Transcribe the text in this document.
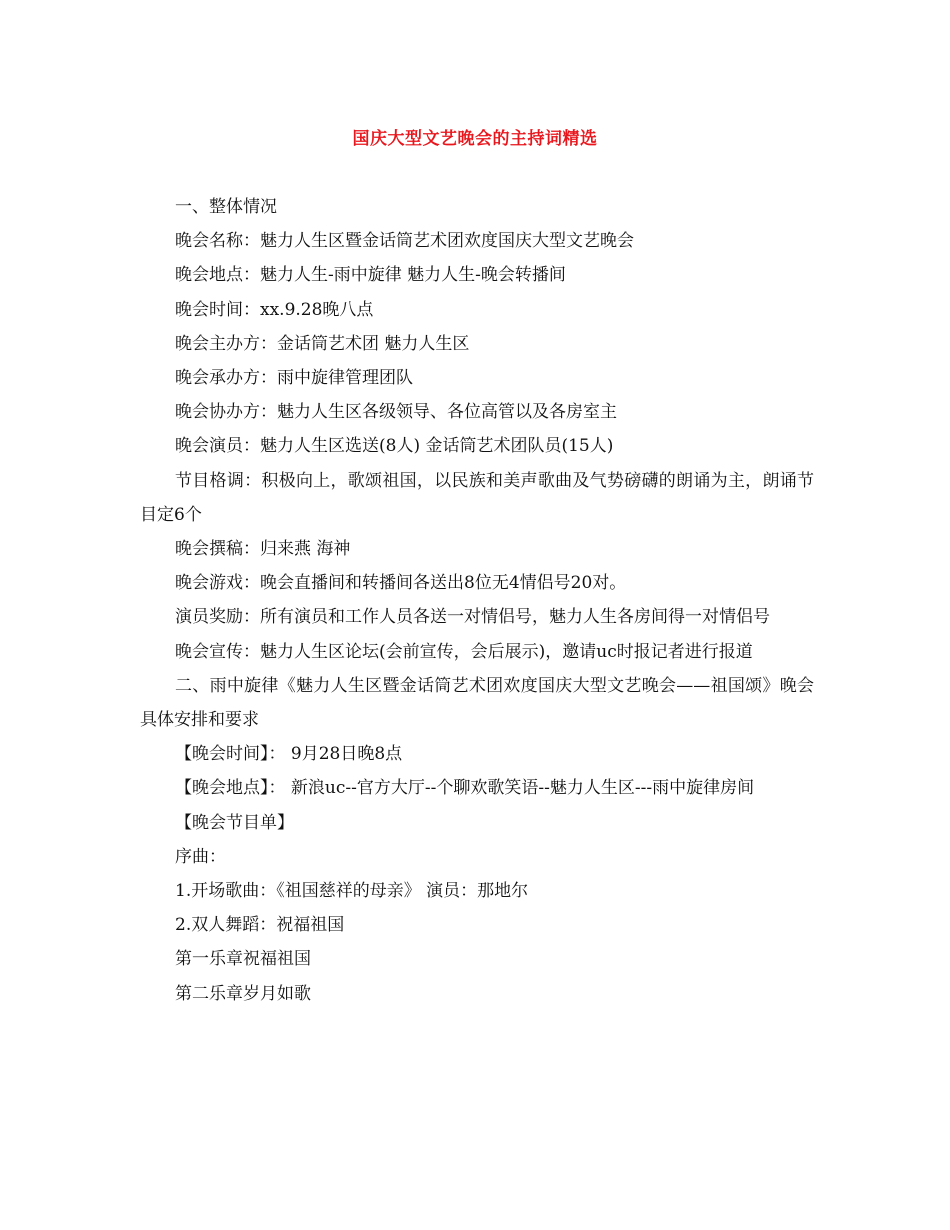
国庆大型文艺晚会的主持词精选

一、整体情况

晚会名称：魅力人生区暨金话筒艺术团欢度国庆大型文艺晚会

晚会地点：魅力人生-雨中旋律 魅力人生-晚会转播间

晚会时间：xx.9.28晚八点

晚会主办方：金话筒艺术团 魅力人生区

晚会承办方：雨中旋律管理团队

晚会协办方：魅力人生区各级领导、各位高管以及各房室主

晚会演员：魅力人生区选送(8人) 金话筒艺术团队员(15人)

节目格调：积极向上，歌颂祖国，以民族和美声歌曲及气势磅礴的朗诵为主，朗诵节目定6个

晚会撰稿：归来燕 海神

晚会游戏：晚会直播间和转播间各送出8位无4情侣号20对。

演员奖励：所有演员和工作人员各送一对情侣号，魅力人生各房间得一对情侣号

晚会宣传：魅力人生区论坛(会前宣传，会后展示)，邀请uc时报记者进行报道

二、雨中旋律《魅力人生区暨金话筒艺术团欢度国庆大型文艺晚会——祖国颂》晚会具体安排和要求

【晚会时间】： 9月28日晚8点

【晚会地点】： 新浪uc--官方大厅--个聊欢歌笑语--魅力人生区---雨中旋律房间

【晚会节目单】

序曲：

1.开场歌曲：《祖国慈祥的母亲》 演员：那地尔

2.双人舞蹈：祝福祖国

第一乐章祝福祖国

第二乐章岁月如歌
